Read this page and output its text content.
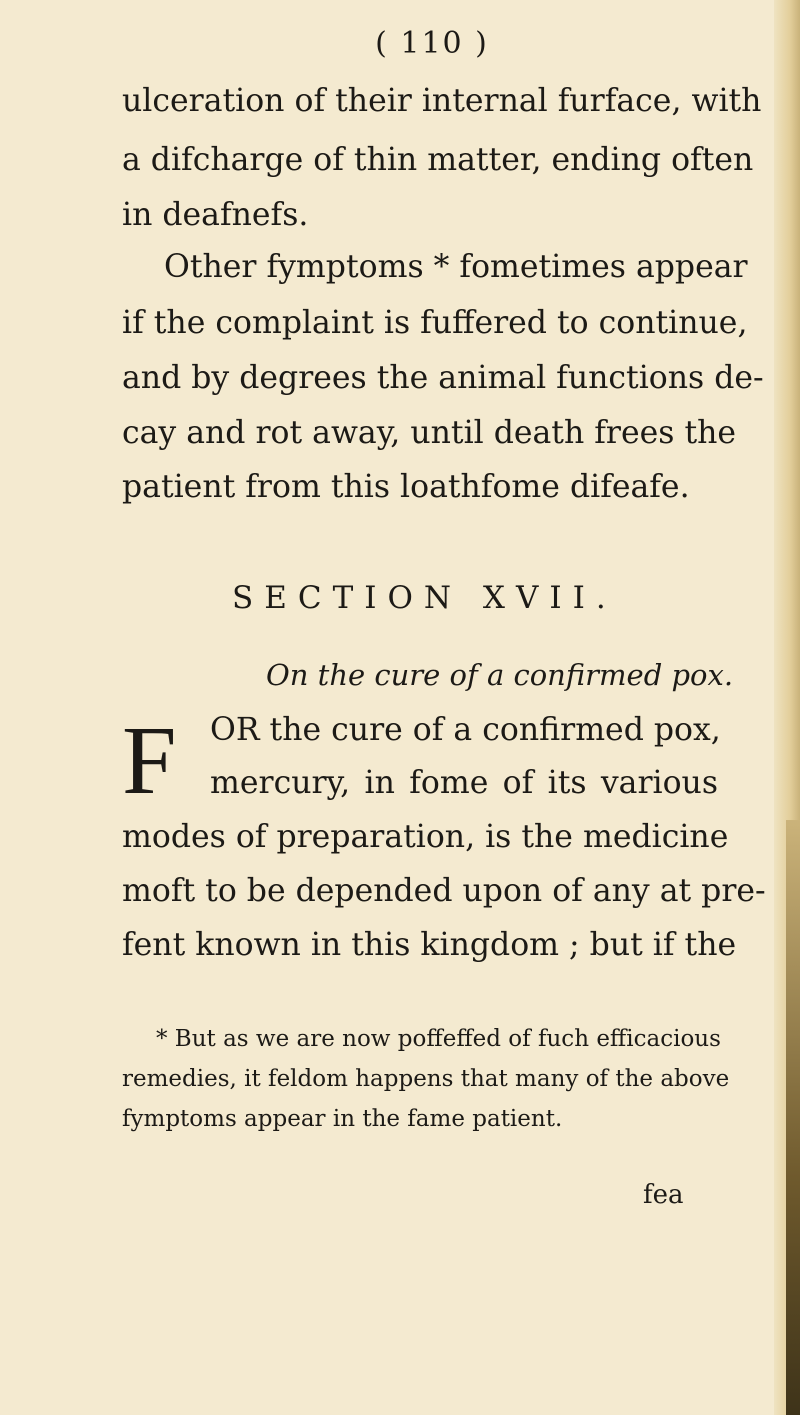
( 110 )
ulceration of their internal furface, with
a difcharge of thin matter, ending often
in deafnefs.
Other fymptoms * fometimes appear
if the complaint is fuffered to continue,
and by degrees the animal functions de-
cay and rot away, until death frees the
patient from this loathfome difeafe.
SECTION XVII.
On the cure of a confirmed pox.
F OR the cure of a confirmed pox,
mercury, in fome of its various
modes of preparation, is the medicine
moft to be depended upon of any at pre-
fent known in this kingdom ; but if the
* But as we are now poffeffed of fuch efficacious
remedies, it feldom happens that many of the above
fymptoms appear in the fame patient.
fea
